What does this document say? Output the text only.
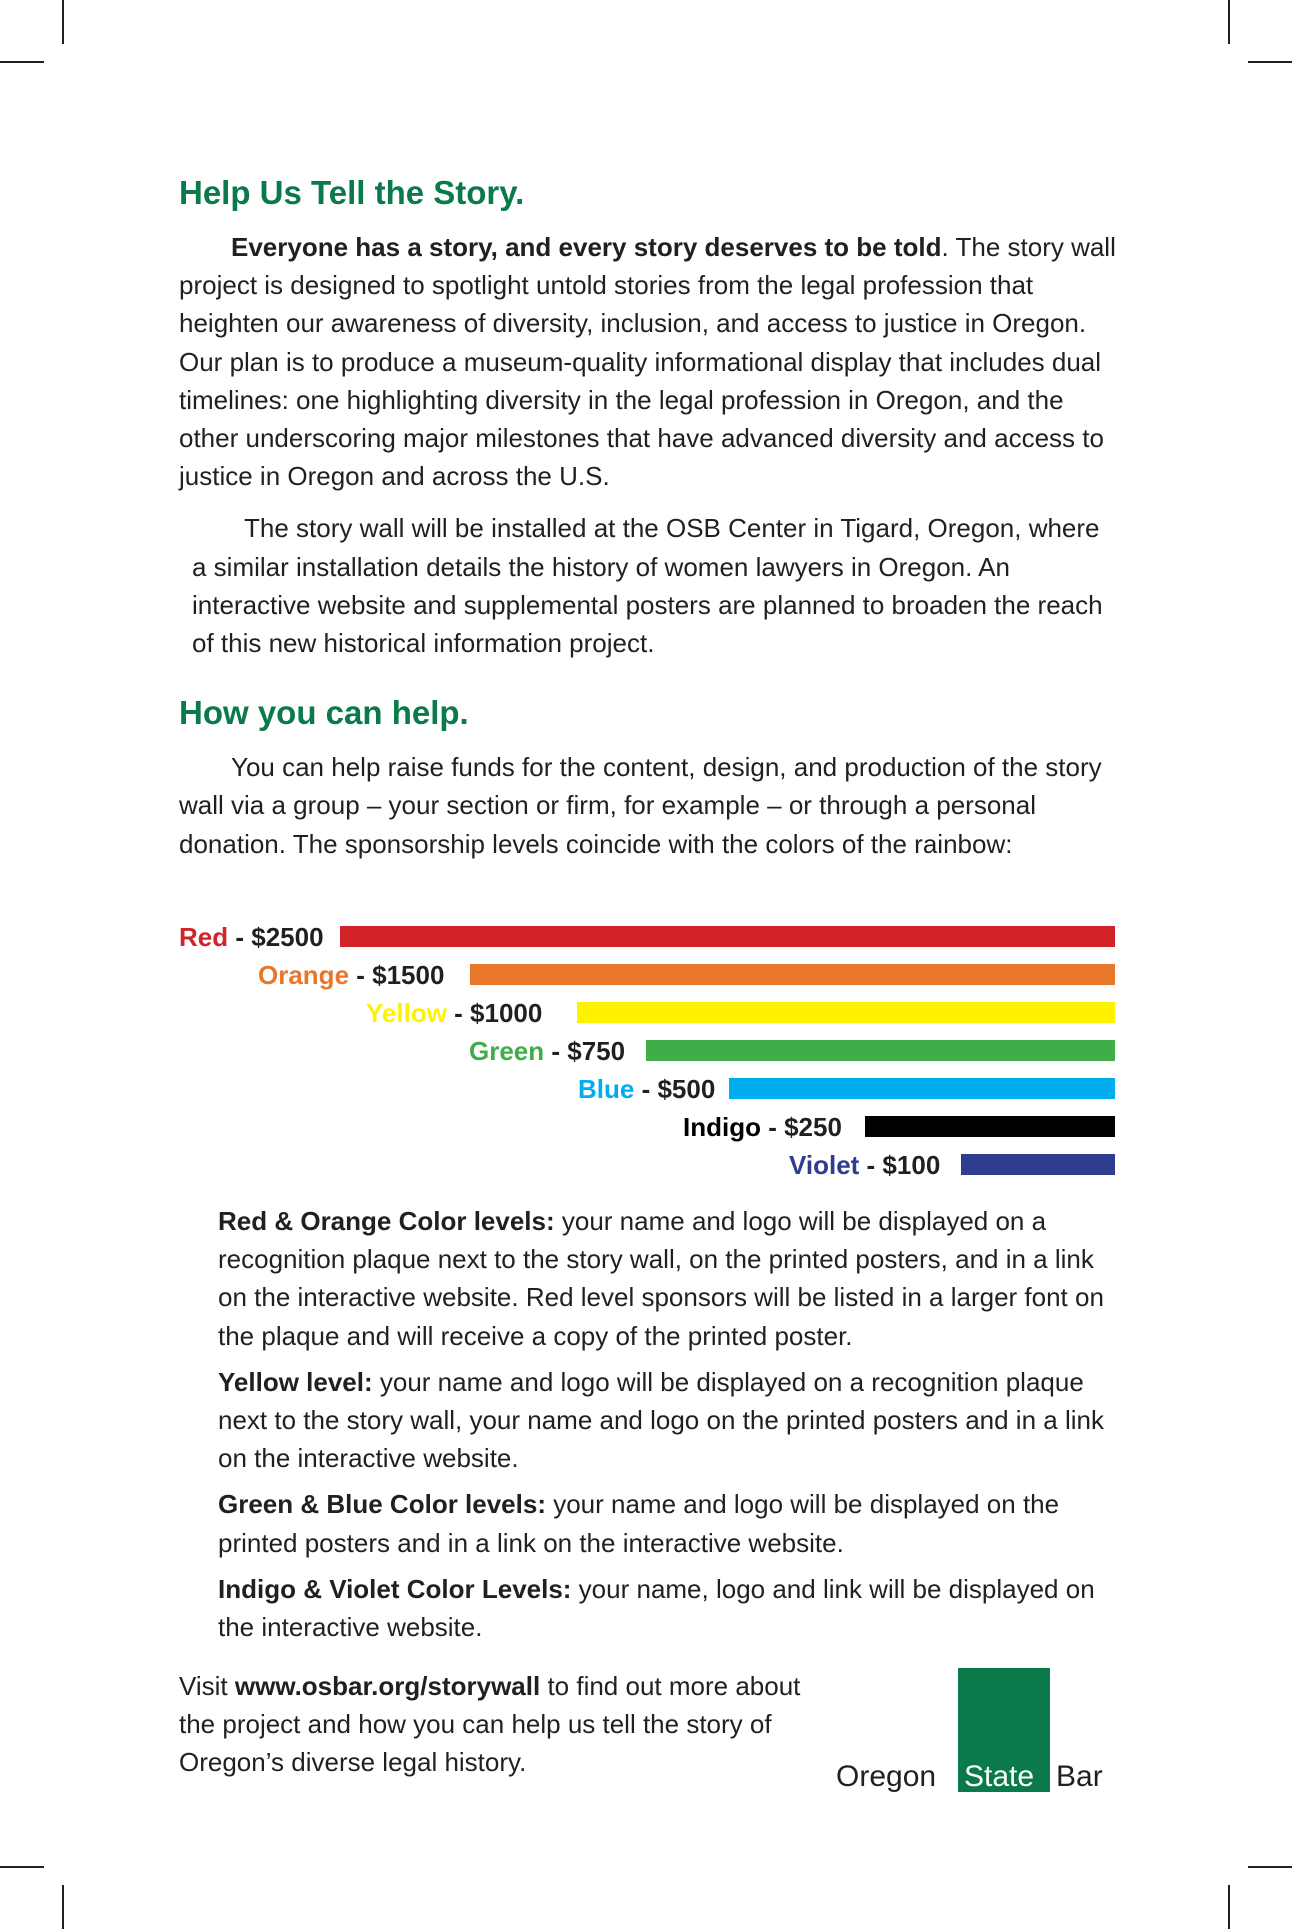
Help Us Tell the Story.

Everyone has a story, and every story deserves to be told. The story wall project is designed to spotlight untold stories from the legal profession that heighten our awareness of diversity, inclusion, and access to justice in Oregon. Our plan is to produce a museum-quality informational display that includes dual timelines: one highlighting diversity in the legal profession in Oregon, and the other underscoring major milestones that have advanced diversity and access to justice in Oregon and across the U.S.

The story wall will be installed at the OSB Center in Tigard, Oregon, where a similar installation details the history of women lawyers in Oregon. An interactive website and supplemental posters are planned to broaden the reach of this new historical information project.

How you can help.

You can help raise funds for the content, design, and production of the story wall via a group – your section or firm, for example – or through a personal donation. The sponsorship levels coincide with the colors of the rainbow:

Red - $2500
Orange - $1500
Yellow - $1000
Green - $750
Blue - $500
Indigo - $250
Violet - $100

Red & Orange Color levels: your name and logo will be displayed on a recognition plaque next to the story wall, on the printed posters, and in a link on the interactive website. Red level sponsors will be listed in a larger font on the plaque and will receive a copy of the printed poster.

Yellow level: your name and logo will be displayed on a recognition plaque next to the story wall, your name and logo on the printed posters and in a link on the interactive website.

Green & Blue Color levels: your name and logo will be displayed on the printed posters and in a link on the interactive website.

Indigo & Violet Color Levels: your name, logo and link will be displayed on the interactive website.

Visit www.osbar.org/storywall to find out more about the project and how you can help us tell the story of Oregon’s diverse legal history.	Oregon State Bar
